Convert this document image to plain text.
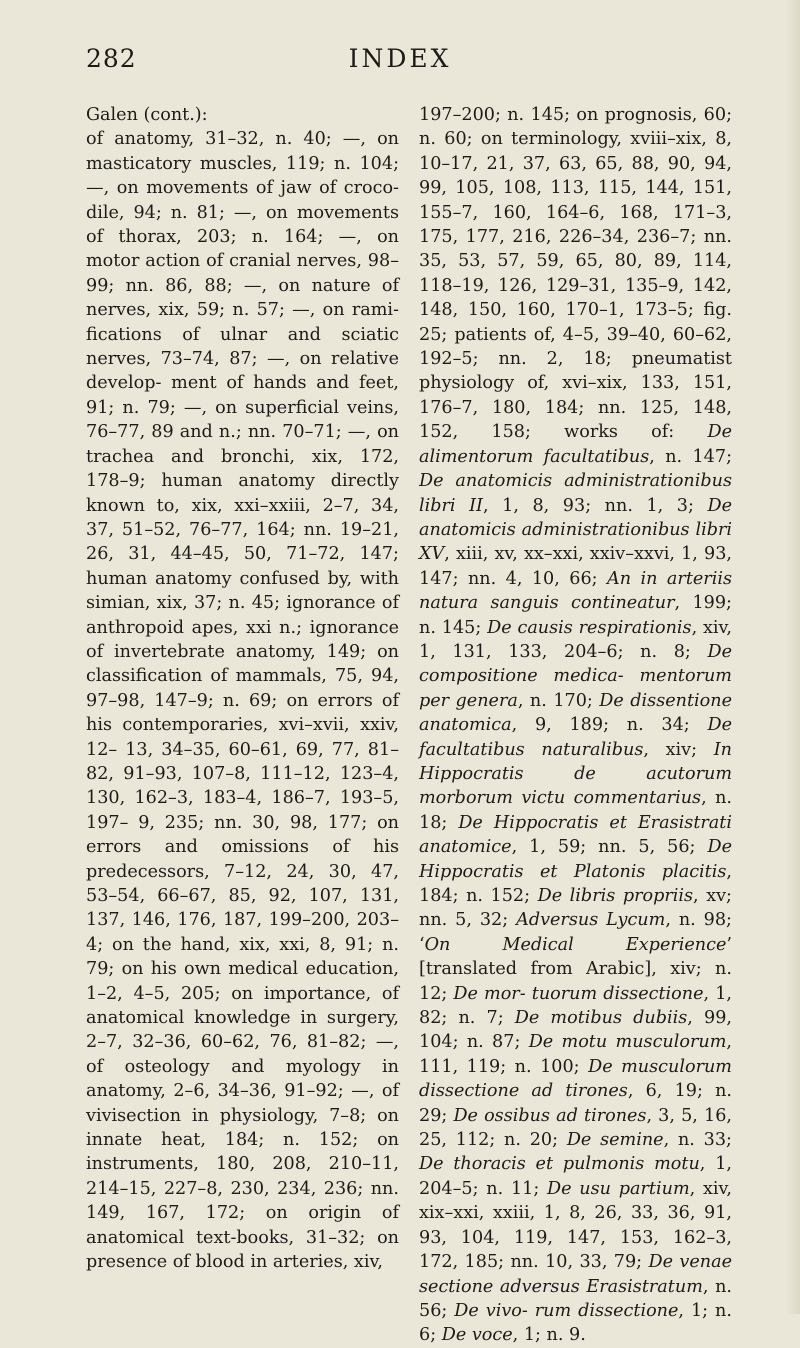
282	INDEX
Galen (cont.):
of anatomy, 31–32, n. 40; —, on masticatory muscles, 119; n. 104; —, on movements of jaw of croco- dile, 94; n. 81; —, on movements of thorax, 203; n. 164; —, on motor action of cranial nerves, 98– 99; nn. 86, 88; —, on nature of nerves, xix, 59; n. 57; —, on rami- fications of ulnar and sciatic nerves, 73–74, 87; —, on relative develop- ment of hands and feet, 91; n. 79; —, on superficial veins, 76–77, 89 and n.; nn. 70–71; —, on trachea and bronchi, xix, 172, 178–9; human anatomy directly known to, xix, xxi–xxiii, 2–7, 34, 37, 51–52, 76–77, 164; nn. 19–21, 26, 31, 44–45, 50, 71–72, 147; human anatomy confused by, with simian, xix, 37; n. 45; ignorance of anthropoid apes, xxi n.; ignorance of invertebrate anatomy, 149; on classification of mammals, 75, 94, 97–98, 147–9; n. 69; on errors of his contemporaries, xvi–xvii, xxiv, 12– 13, 34–35, 60–61, 69, 77, 81–82, 91–93, 107–8, 111–12, 123–4, 130, 162–3, 183–4, 186–7, 193–5, 197– 9, 235; nn. 30, 98, 177; on errors and omissions of his predecessors, 7–12, 24, 30, 47, 53–54, 66–67, 85, 92, 107, 131, 137, 146, 176, 187, 199–200, 203–4; on the hand, xix, xxi, 8, 91; n. 79; on his own medical education, 1–2, 4–5, 205; on importance, of anatomical knowledge in surgery, 2–7, 32–36, 60–62, 76, 81–82; —, of osteology and myology in anatomy, 2–6, 34–36, 91–92; —, of vivisection in physiology, 7–8; on innate heat, 184; n. 152; on instruments, 180, 208, 210–11, 214–15, 227–8, 230, 234, 236; nn. 149, 167, 172; on origin of anatomical text-books, 31–32; on presence of blood in arteries, xiv,
197–200; n. 145; on prognosis, 60; n. 60; on terminology, xviii–xix, 8, 10–17, 21, 37, 63, 65, 88, 90, 94, 99, 105, 108, 113, 115, 144, 151, 155–7, 160, 164–6, 168, 171–3, 175, 177, 216, 226–34, 236–7; nn. 35, 53, 57, 59, 65, 80, 89, 114, 118–19, 126, 129–31, 135–9, 142, 148, 150, 160, 170–1, 173–5; fig. 25; patients of, 4–5, 39–40, 60–62, 192–5; nn. 2, 18; pneumatist physiology of, xvi–xix, 133, 151, 176–7, 180, 184; nn. 125, 148, 152, 158; works of: De alimentorum facultatibus, n. 147; De anatomicis administrationibus libri II, 1, 8, 93; nn. 1, 3; De anatomicis administrationibus libri XV, xiii, xv, xx–xxi, xxiv–xxvi, 1, 93, 147; nn. 4, 10, 66; An in arteriis natura sanguis contineatur, 199; n. 145; De causis respirationis, xiv, 1, 131, 133, 204–6; n. 8; De compositione medica- mentorum per genera, n. 170; De dissentione anatomica, 9, 189; n. 34; De facultatibus naturalibus, xiv; In Hippocratis de acutorum morborum victu commentarius, n. 18; De Hippocratis et Erasistrati anatomice, 1, 59; nn. 5, 56; De Hippocratis et Platonis placitis, 184; n. 152; De libris propriis, xv; nn. 5, 32; Adversus Lycum, n. 98; ‘On Medical Experience’ [translated from Arabic], xiv; n. 12; De mor- tuorum dissectione, 1, 82; n. 7; De motibus dubiis, 99, 104; n. 87; De motu musculorum, 111, 119; n. 100; De musculorum dissectione ad tirones, 6, 19; n. 29; De ossibus ad tirones, 3, 5, 16, 25, 112; n. 20; De semine, n. 33; De thoracis et pulmonis motu, 1, 204–5; n. 11; De usu partium, xiv, xix–xxi, xxiii, 1, 8, 26, 33, 36, 91, 93, 104, 119, 147, 153, 162–3, 172, 185; nn. 10, 33, 79; De venae sectione adversus Erasistratum, n. 56; De vivo- rum dissectione, 1; n. 6; De voce, 1; n. 9.
